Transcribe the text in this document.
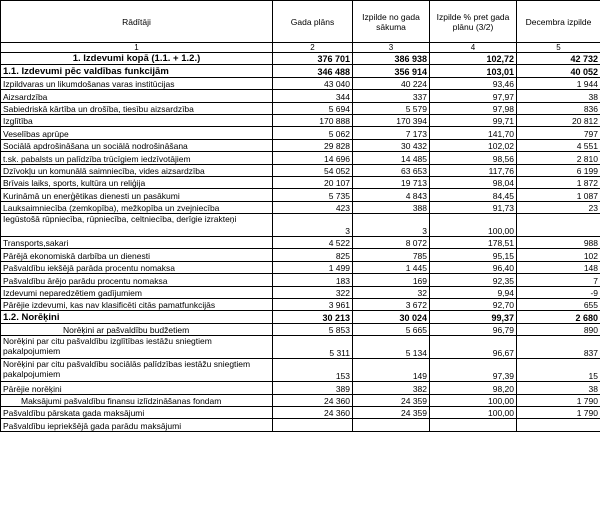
Rādītāji	Gada plāns	Izpilde no gada sākuma	Izpilde % pret gada plānu (3/2)	Decembra izpilde
1	2	3	4	5
1. Izdevumi kopā (1.1. + 1.2.)	376 701	386 938	102,72	42 732
1.1. Izdevumi pēc valdības funkcijām	346 488	356 914	103,01	40 052
Izpildvaras un likumdošanas varas institūcijas	43 040	40 224	93,46	1 944
Aizsardzība	344	337	97,97	38
Sabiedriskā kārtība un drošība, tiesību aizsardzība	5 694	5 579	97,98	836
Izglītība	170 888	170 394	99,71	20 812
Veselības aprūpe	5 062	7 173	141,70	797
Sociālā apdrošināšana un sociālā nodrošināšana	29 828	30 432	102,02	4 551
t.sk. pabalsts un palīdzība trūcīgiem iedzīvotājiem	14 696	14 485	98,56	2 810
Dzīvokļu un komunālā saimniecība, vides aizsardzība	54 052	63 653	117,76	6 199
Brīvais laiks, sports, kultūra un reliģija	20 107	19 713	98,04	1 872
Kurināmā un enerģētikas dienesti un pasākumi	5 735	4 843	84,45	1 087
Lauksaimniecība (zemkopība), mežkopība un zvejniecība	423	388	91,73	23
Iegūstošā rūpniecība, rūpniecība, celtniecība, derīgie izrakteņi	3	3	100,00	
Transports,sakari	4 522	8 072	178,51	988
Pārējā ekonomiskā darbība un dienesti	825	785	95,15	102
Pašvaldību iekšējā parāda procentu nomaksa	1 499	1 445	96,40	148
Pašvaldību ārējo parādu procentu nomaksa	183	169	92,35	7
Izdevumi neparedzētiem gadījumiem	322	32	9,94	-9
Pārējie izdevumi, kas nav klasificēti citās pamatfunkcijās	3 961	3 672	92,70	655
1.2. Norēķini	30 213	30 024	99,37	2 680
Norēķini ar pašvaldību budžetiem	5 853	5 665	96,79	890
Norēķini par citu pašvaldību izglītības iestāžu sniegtiem pakalpojumiem	5 311	5 134	96,67	837
Norēķini par citu pašvaldību sociālās palīdzības iestāžu sniegtiem pakalpojumiem	153	149	97,39	15
Pārējie norēķini	389	382	98,20	38
Maksājumi pašvaldību finansu izlīdzināšanas fondam	24 360	24 359	100,00	1 790
Pašvaldību pārskata gada maksājumi	24 360	24 359	100,00	1 790
Pašvaldību iepriekšējā gada parādu maksājumi				
